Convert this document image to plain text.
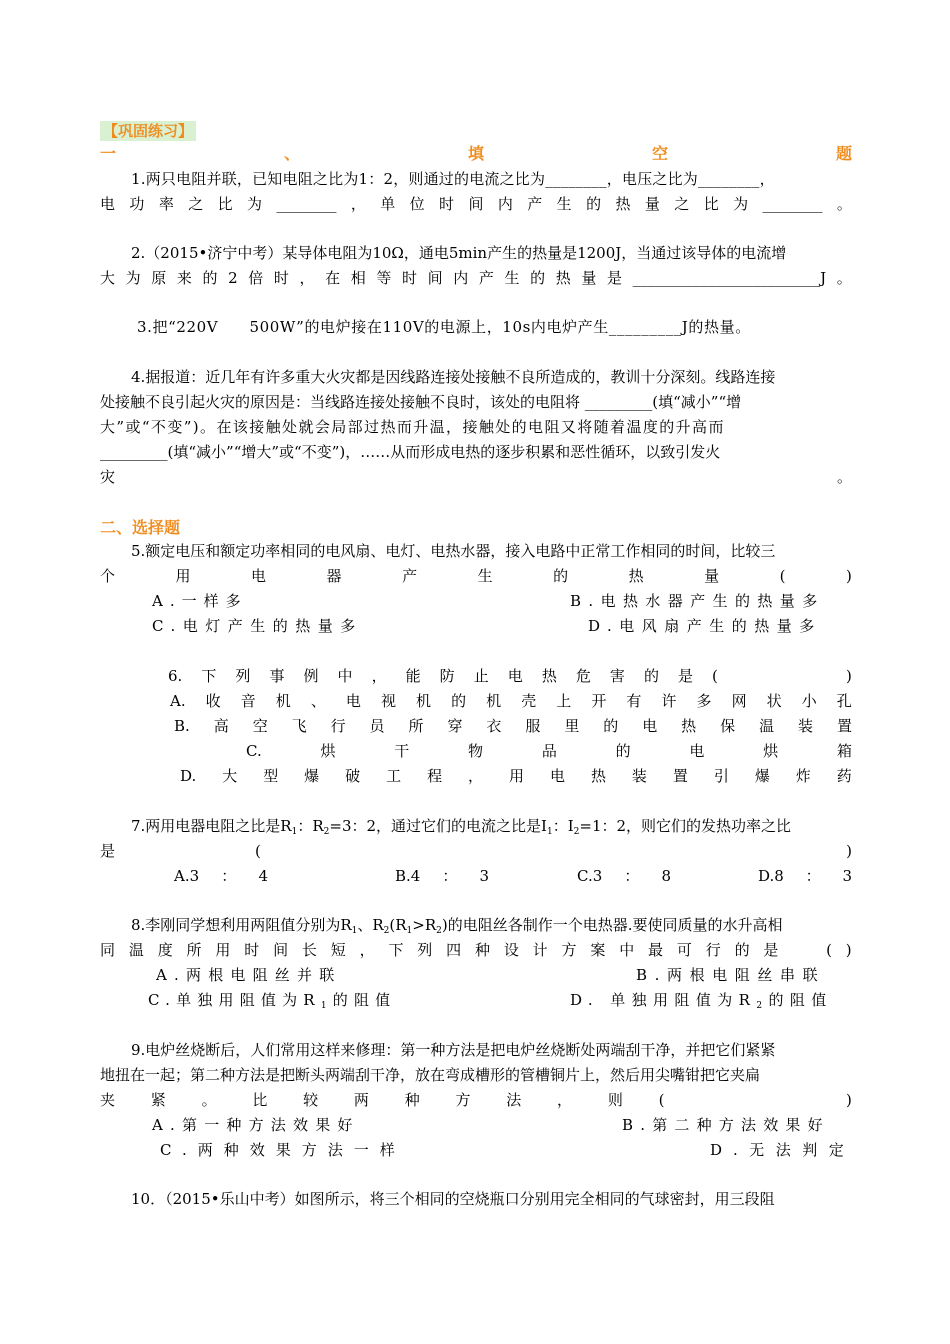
【巩固练习】
一	、	填	空	题
1.两只电阻并联，已知电阻之比为1：2，则通过的电流之比为________，电压之比为________，
电 功 率 之 比 为 ________ ， 单 位 时 间 内 产 生 的 热 量 之 比 为 ________ 。
2.（2015•济宁中考）某导体电阻为10Ω，通电5min产生的热量是1200J，当通过该导体的电流增
大 为 原 来 的 2 倍 时 ， 在 相 等 时 间 内 产 生 的 热 量 是 _________________________J 。
3.把“220V　　500W”的电炉接在110V的电源上，10s内电炉产生_________J的热量。
4.据报道：近几年有许多重大火灾都是因线路连接处接触不良所造成的，教训十分深刻。线路连接
处接触不良引起火灾的原因是：当线路连接处接触不良时，该处的电阻将 _________(填“减小”“增
大”或“不变”)。在该接触处就会局部过热而升温，接触处的电阻又将随着温度的升高而
_________(填“减小”“增大”或“不变”)，……从而形成电热的逐步积累和恶性循环，以致引发火
灾	。
二、选择题
5.额定电压和额定功率相同的电风扇、电灯、电热水器，接入电路中正常工作相同的时间，比较三
个	用	电	器	产	生	的	热	量	(	)
A.一样多	B.电热水器产生的热量多
C.电灯产生的热量多	D.电风扇产生的热量多
6. 下 列 事 例 中 ， 能 防 止 电 热 危 害 的 是 (	)
A. 收 音 机 、 电 视 机 的 机 壳 上 开 有 许 多 网 状 小 孔
B. 高 空 飞 行 员 所 穿 衣 服 里 的 电 热 保 温 装 置
C.	烘	干	物	品	的	电	烘	箱
D. 大 型 爆 破 工 程 ， 用 电 热 装 置 引 爆 炸 药
7.两用电器电阻之比是$R_1$：$R_2=3$：2，通过它们的电流之比是$I_1$：$I_2=1$：2，则它们的发热功率之比
是	(	)
A.3 ： 4	B.4 ： 3	C.3 ： 8	D.8 ： 3
8.李刚同学想利用两阻值分别为$R_1$、$R_2(R_1>R_2)$的电阻丝各制作一个电热器.要使同质量的水升高相
同 温 度 所 用 时 间 长 短 ， 下 列 四 种 设 计 方 案 中 最 可 行 的 是	( )
A.两根电阻丝并联	B.两根电阻丝串联
C.单独用阻值为$R_1$的阻值	D. 单独用阻值为$R_2$的阻值
9.电炉丝烧断后，人们常用这样来修理：第一种方法是把电炉丝烧断处两端刮干净，并把它们紧紧
地扭在一起；第二种方法是把断头两端刮干净，放在弯成槽形的管槽铜片上，然后用尖嘴钳把它夹扁
夹 紧 。 比 较 两 种 方 法 ， 则 (	)
A.第一种方法效果好	B.第二种方法效果好
C.两种效果方法一样	D.无法判定
10．（2015•乐山中考）如图所示，将三个相同的空烧瓶口分别用完全相同的气球密封，用三段阻
